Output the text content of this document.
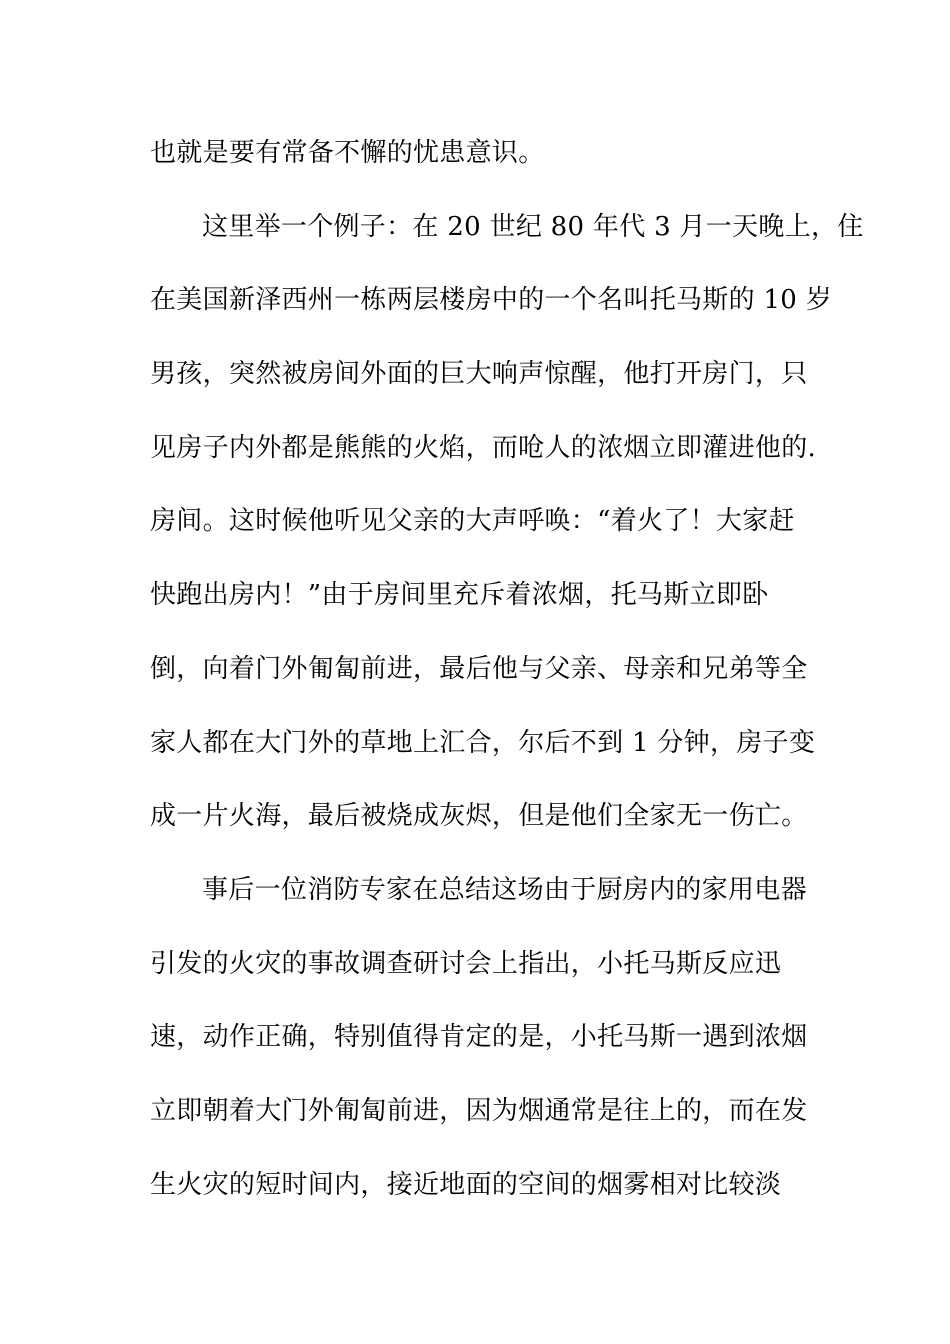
也就是要有常备不懈的忧患意识。
这里举一个例子：在 20 世纪 80 年代 3 月一天晚上，住
在美国新泽西州一栋两层楼房中的一个名叫托马斯的 10 岁
男孩，突然被房间外面的巨大响声惊醒，他打开房门，只
见房子内外都是熊熊的火焰，而呛人的浓烟立即灌进他的.
房间。这时候他听见父亲的大声呼唤：“着火了！大家赶
快跑出房内！”由于房间里充斥着浓烟，托马斯立即卧
倒，向着门外匍匐前进，最后他与父亲、母亲和兄弟等全
家人都在大门外的草地上汇合，尔后不到 1 分钟，房子变
成一片火海，最后被烧成灰烬，但是他们全家无一伤亡。
事后一位消防专家在总结这场由于厨房内的家用电器
引发的火灾的事故调查研讨会上指出，小托马斯反应迅
速，动作正确，特别值得肯定的是，小托马斯一遇到浓烟
立即朝着大门外匍匐前进，因为烟通常是往上的，而在发
生火灾的短时间内，接近地面的空间的烟雾相对比较淡
